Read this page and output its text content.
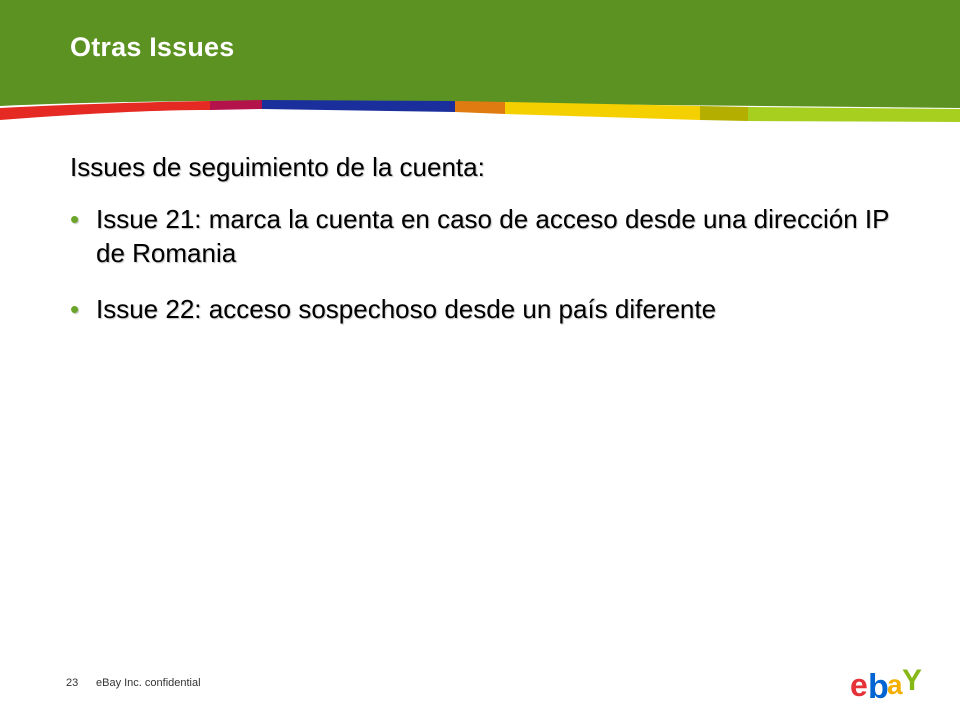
Otras Issues
Issues de seguimiento de la cuenta:
• Issue 21: marca la cuenta en caso de acceso desde una dirección IP de Romania
• Issue 22: acceso sospechoso desde un país diferente
23 eBay Inc. confidential	e b
a Y
